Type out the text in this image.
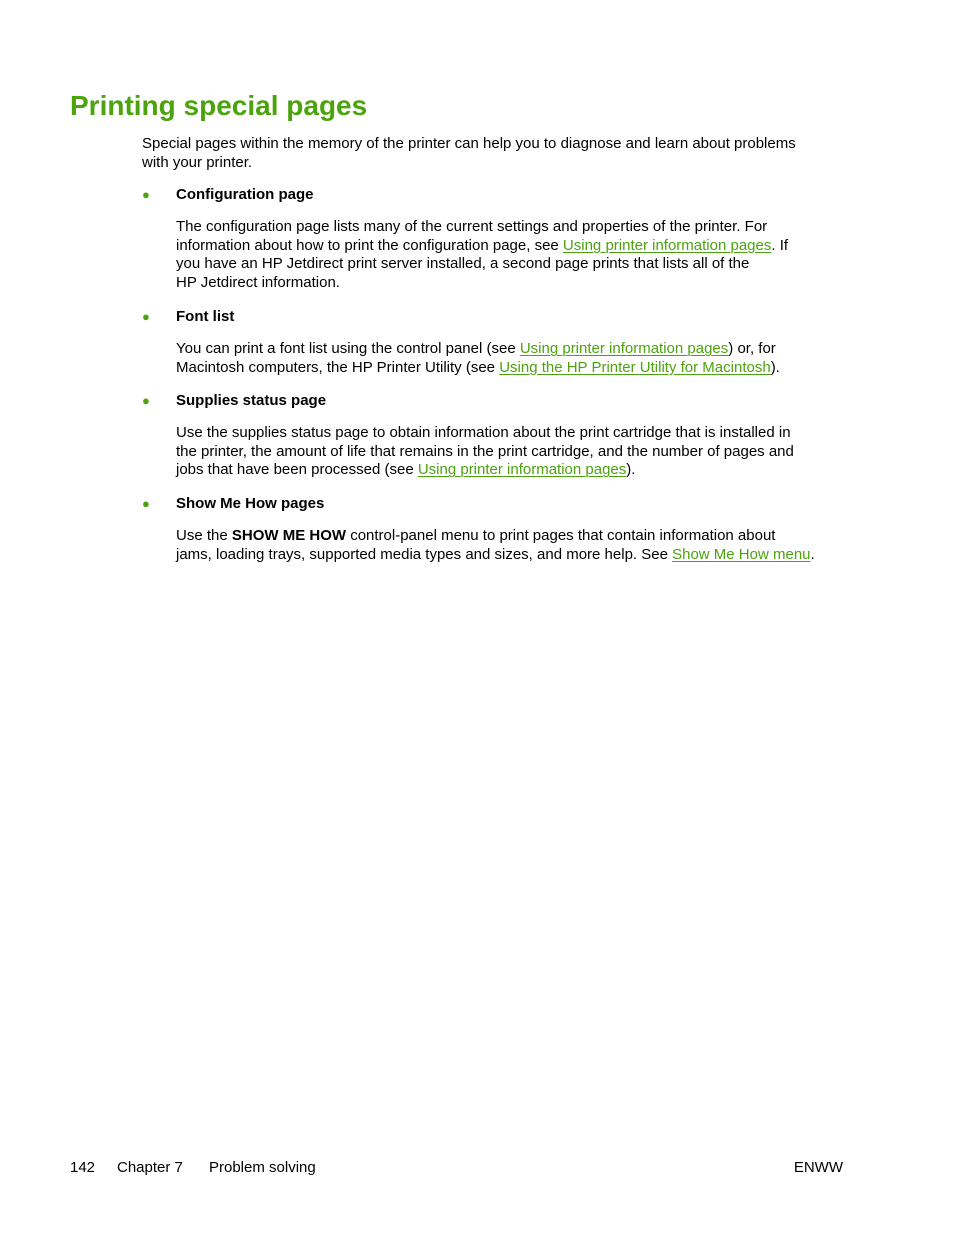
Printing special pages

Special pages within the memory of the printer can help you to diagnose and learn about problems
with your printer.

● Configuration page

The configuration page lists many of the current settings and properties of the printer. For
information about how to print the configuration page, see Using printer information pages. If
you have an HP Jetdirect print server installed, a second page prints that lists all of the
HP Jetdirect information.

● Font list

You can print a font list using the control panel (see Using printer information pages) or, for
Macintosh computers, the HP Printer Utility (see Using the HP Printer Utility for Macintosh).

● Supplies status page

Use the supplies status page to obtain information about the print cartridge that is installed in
the printer, the amount of life that remains in the print cartridge, and the number of pages and
jobs that have been processed (see Using printer information pages).

● Show Me How pages

Use the SHOW ME HOW control-panel menu to print pages that contain information about
jams, loading trays, supported media types and sizes, and more help. See Show Me How menu.

142 Chapter 7 Problem solving	ENWW
